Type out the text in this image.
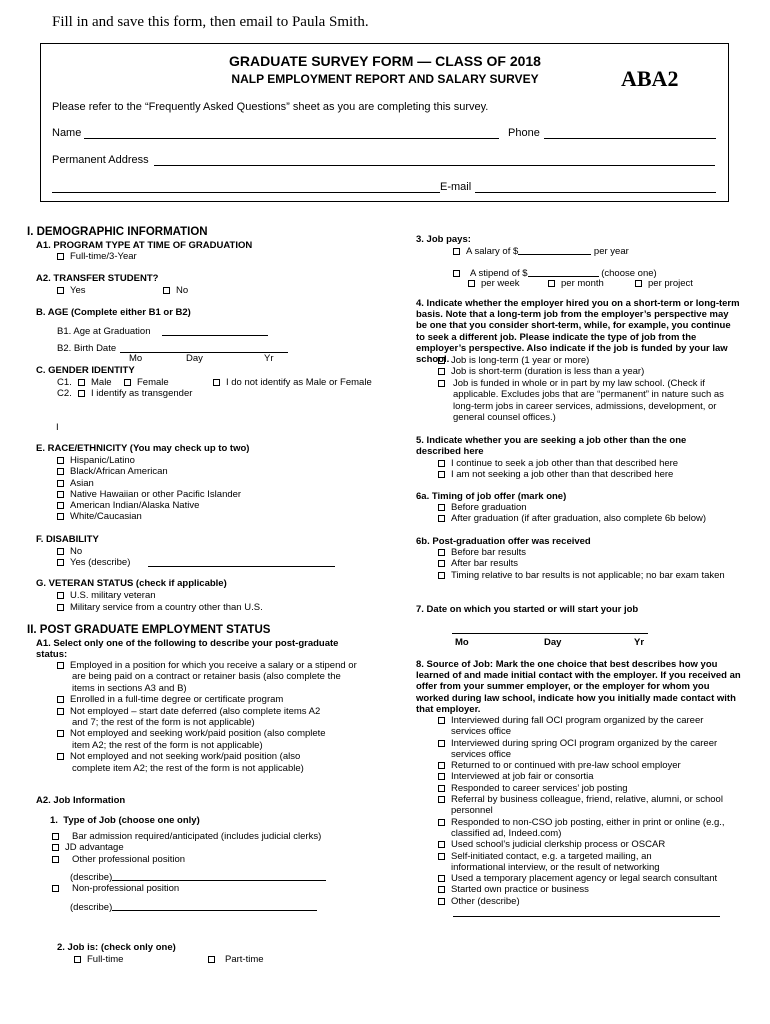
Fill in and save this form, then email to Paula Smith.
GRADUATE SURVEY FORM — CLASS OF 2018
NALP EMPLOYMENT REPORT AND SALARY SURVEY	ABA2
Please refer to the “Frequently Asked Questions” sheet as you are completing this survey.
Name	Phone
Permanent Address
E-mail
I. DEMOGRAPHIC INFORMATION
A1. PROGRAM TYPE AT TIME OF GRADUATION
Full-time/3-Year
A2. TRANSFER STUDENT?
Yes	No
B. AGE (Complete either B1 or B2)
B1. Age at Graduation
B2. Birth Date
Mo	Day	Yr
C. GENDER IDENTITY
C1.	Male	Female	I do not identify as Male or Female
C2.	I identify as transgender
I
E. RACE/ETHNICITY (You may check up to two)
Hispanic/Latino
Black/African American
Asian
Native Hawaiian or other Pacific Islander
American Indian/Alaska Native
White/Caucasian
F. DISABILITY
No
Yes (describe)
G. VETERAN STATUS (check if applicable)
U.S. military veteran
Military service from a country other than U.S.
II. POST GRADUATE EMPLOYMENT STATUS
A1. Select only one of the following to describe your post-graduate
status:
Employed in a position for which you receive a salary or a stipend or
are being paid on a contract or retainer basis (also complete the
items in sections A3 and B)
Enrolled in a full-time degree or certificate program
Not employed – start date deferred (also complete items A2
and 7; the rest of the form is not applicable)
Not employed and seeking work/paid position (also complete
item A2; the rest of the form is not applicable)
Not employed and not seeking work/paid position (also
complete item A2; the rest of the form is not applicable)
A2. Job Information
1. Type of Job (choose one only)
Bar admission required/anticipated (includes judicial clerks)
JD advantage
Other professional position
(describe)
Non-professional position
(describe)
2. Job is: (check only one)
Full-time	Part-time
3. Job pays:
A salary of $	per year
A stipend of $	(choose one)
per week	per month	per project
4. Indicate whether the employer hired you on a short-term or long-term basis. Note that a long-term job from the employer’s perspective may be one that you consider short-term, while, for example, you continue to seek a different job. Please indicate the type of job from the employer’s perspective. Also indicate if the job is funded by your law school. Job is long-term (1 year or more)
Job is short-term (duration is less than a year)
Job is funded in whole or in part by my law school. (Check if applicable. Excludes jobs that are “permanent” in nature such as long-term jobs in career services, admissions, development, or general counsel offices.)
5. Indicate whether you are seeking a job other than the one described here
I continue to seek a job other than that described here
I am not seeking a job other than that described here
6a. Timing of job offer (mark one)
Before graduation
After graduation (if after graduation, also complete 6b below)
6b. Post-graduation offer was received
Before bar results
After bar results
Timing relative to bar results is not applicable; no bar exam taken
7. Date on which you started or will start your job
Mo	Day	Yr
8. Source of Job: Mark the one choice that best describes how you learned of and made initial contact with the employer. If you received an offer from your summer employer, or the employer for whom you worked during law school, indicate how you initially made contact with that employer.
Interviewed during fall OCI program organized by the career services office
Interviewed during spring OCI program organized by the career services office
Returned to or continued with pre-law school employer
Interviewed at job fair or consortia
Responded to career services’ job posting
Referral by business colleague, friend, relative, alumni, or school personnel
Responded to non-CSO job posting, either in print or online (e.g., classified ad, Indeed.com)
Used school’s judicial clerkship process or OSCAR
Self-initiated contact, e.g. a targeted mailing, an informational interview, or the result of networking
Used a temporary placement agency or legal search consultant
Started own practice or business
Other (describe)
